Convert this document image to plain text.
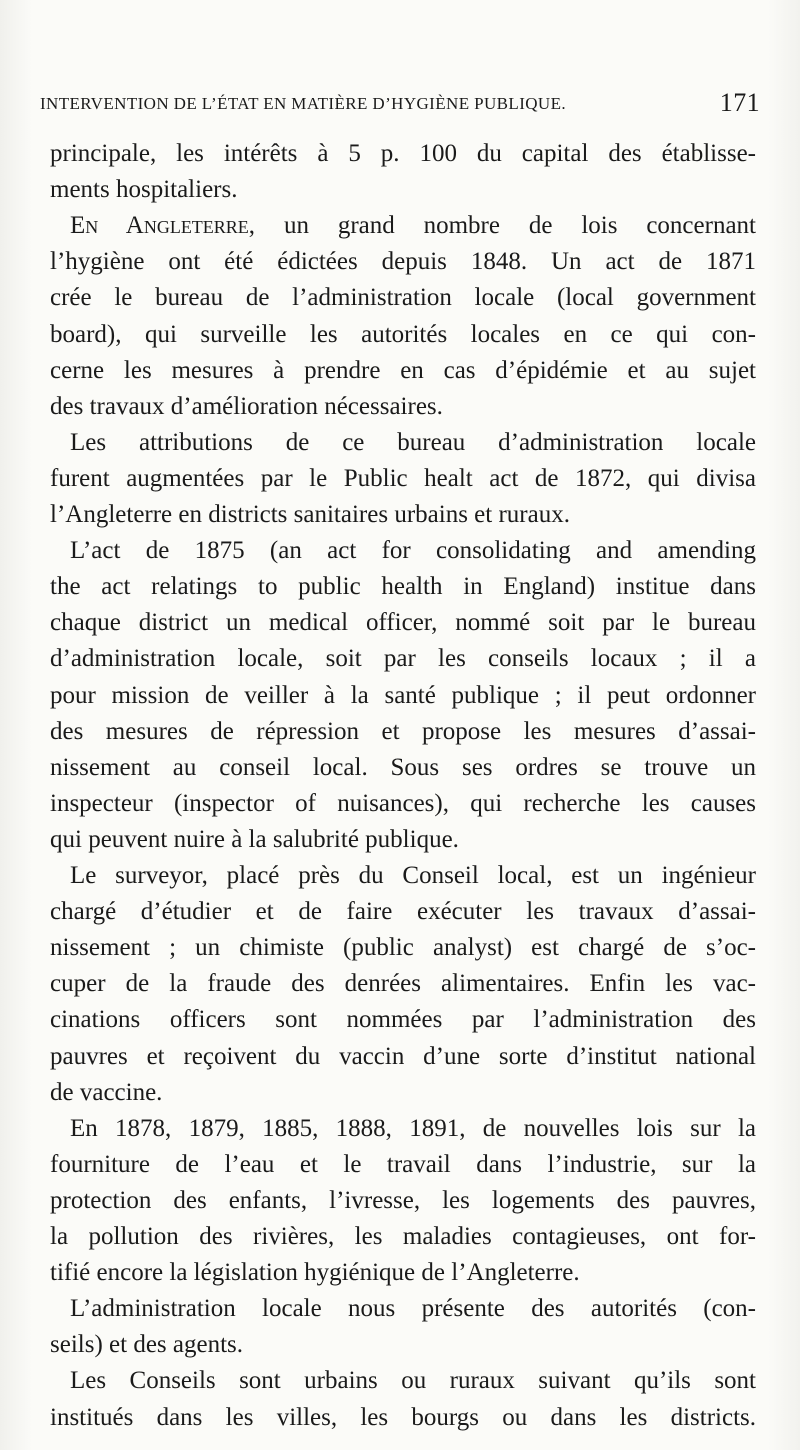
INTERVENTION DE L’ÉTAT EN MATIÈRE D’HYGIÈNE PUBLIQUE.	171
principale, les intérêts à 5 p. 100 du capital des établisse-
ments hospitaliers.
En Angleterre, un grand nombre de lois concernant
l’hygiène ont été édictées depuis 1848. Un act de 1871
crée le bureau de l’administration locale (local government
board), qui surveille les autorités locales en ce qui con-
cerne les mesures à prendre en cas d’épidémie et au sujet
des travaux d’amélioration nécessaires.
Les attributions de ce bureau d’administration locale
furent augmentées par le Public healt act de 1872, qui divisa
l’Angleterre en districts sanitaires urbains et ruraux.
L’act de 1875 (an act for consolidating and amending
the act relatings to public health in England) institue dans
chaque district un medical officer, nommé soit par le bureau
d’administration locale, soit par les conseils locaux ; il a
pour mission de veiller à la santé publique ; il peut ordonner
des mesures de répression et propose les mesures d’assai-
nissement au conseil local. Sous ses ordres se trouve un
inspecteur (inspector of nuisances), qui recherche les causes
qui peuvent nuire à la salubrité publique.
Le surveyor, placé près du Conseil local, est un ingénieur
chargé d’étudier et de faire exécuter les travaux d’assai-
nissement ; un chimiste (public analyst) est chargé de s’oc-
cuper de la fraude des denrées alimentaires. Enfin les vac-
cinations officers sont nommées par l’administration des
pauvres et reçoivent du vaccin d’une sorte d’institut national
de vaccine.
En 1878, 1879, 1885, 1888, 1891, de nouvelles lois sur la
fourniture de l’eau et le travail dans l’industrie, sur la
protection des enfants, l’ivresse, les logements des pauvres,
la pollution des rivières, les maladies contagieuses, ont for-
tifié encore la législation hygiénique de l’Angleterre.
L’administration locale nous présente des autorités (con-
seils) et des agents.
Les Conseils sont urbains ou ruraux suivant qu’ils sont
institués dans les villes, les bourgs ou dans les districts.
